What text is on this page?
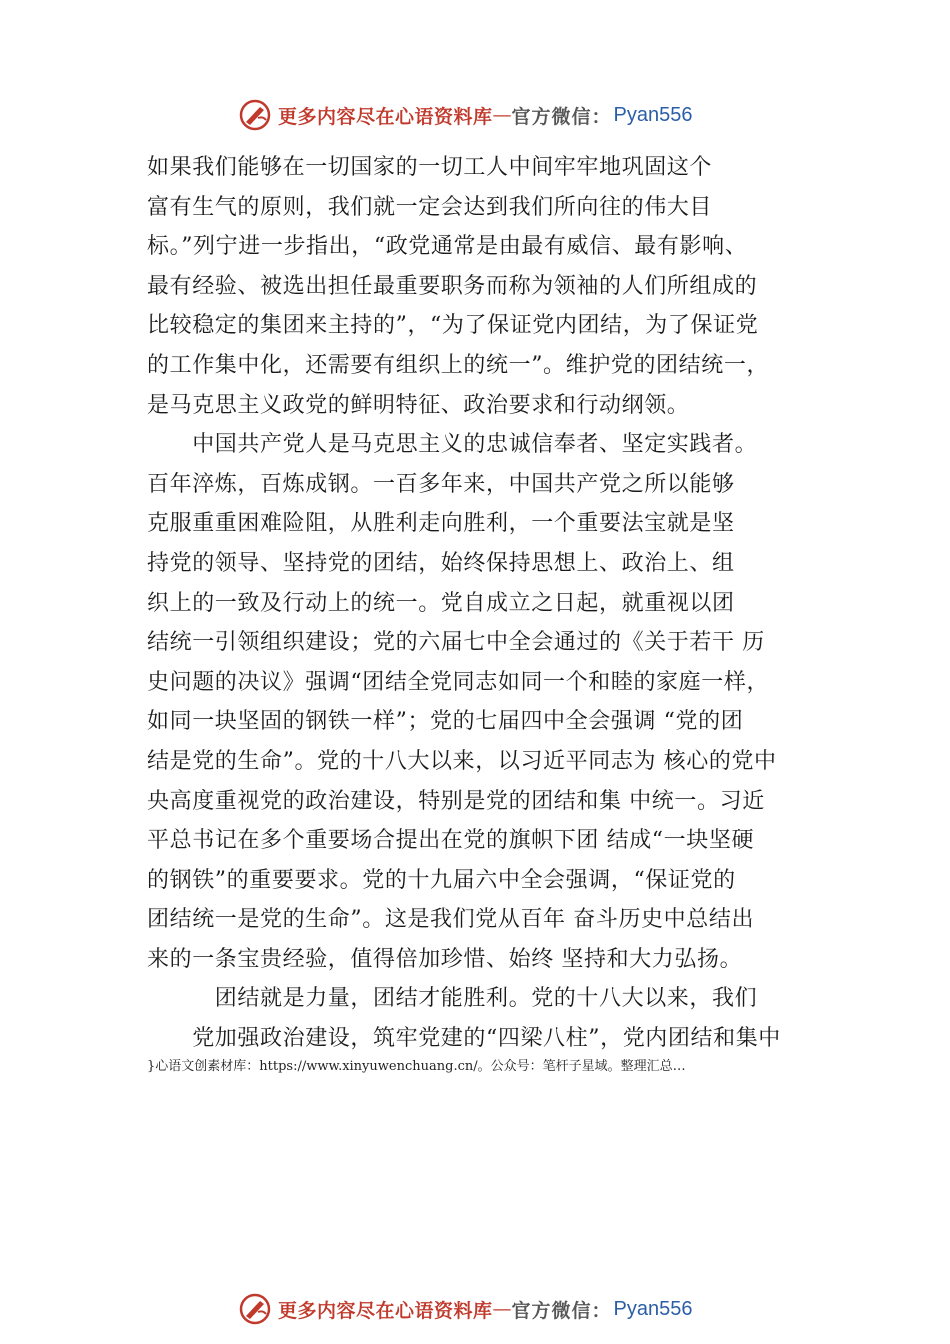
更多内容尽在心语资料库 — 官方微信： Pyan556
如果我们能够在一切国家的一切工人中间牢牢地巩固这个
富有生气的原则，我们就一定会达到我们所向往的伟大目
标。”列宁进一步指出，“政党通常是由最有威信、最有影响、
最有经验、被选出担任最重要职务而称为领袖的人们所组成的
比较稳定的集团来主持的”，“为了保证党内团结，为了保证党
的工作集中化，还需要有组织上的统一”。维护党的团结统一，
是马克思主义政党的鲜明特征、政治要求和行动纲领。
　　中国共产党人是马克思主义的忠诚信奉者、坚定实践者。
百年淬炼，百炼成钢。一百多年来，中国共产党之所以能够
克服重重困难险阻，从胜利走向胜利，一个重要法宝就是坚
持党的领导、坚持党的团结，始终保持思想上、政治上、组
织上的一致及行动上的统一。党自成立之日起，就重视以团
结统一引领组织建设；党的六届七中全会通过的《关于若干 历
史问题的决议》强调“团结全党同志如同一个和睦的家庭一样，
如同一块坚固的钢铁一样”；党的七届四中全会强调 “党的团
结是党的生命”。党的十八大以来，以习近平同志为 核心的党中
央高度重视党的政治建设，特别是党的团结和集 中统一。习近
平总书记在多个重要场合提出在党的旗帜下团 结成“一块坚硬
的钢铁”的重要要求。党的十九届六中全会强调，“保证党的
团结统一是党的生命”。这是我们党从百年 奋斗历史中总结出
来的一条宝贵经验，值得倍加珍惜、始终 坚持和大力弘扬。
　　　团结就是力量，团结才能胜利。党的十八大以来，我们
　　党加强政治建设，筑牢党建的“四梁八柱”，党内团结和集中
}心语文创素材库：https://www.xinyuwenchuang.cn/。公众号：笔杆子星域。整理汇总…
更多内容尽在心语资料库 — 官方微信： Pyan556
